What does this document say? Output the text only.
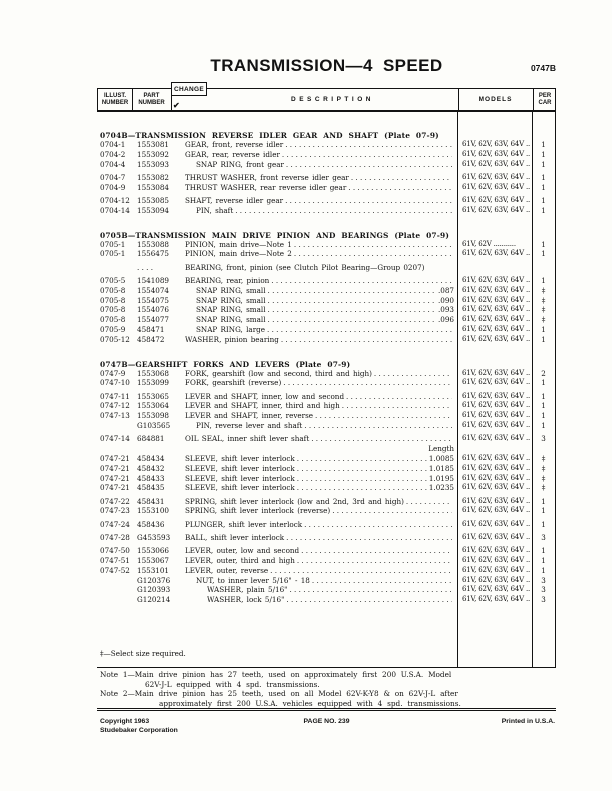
TRANSMISSION—4 SPEED	0747B
ILLUST.
NUMBER
PART
NUMBER	DESCRIPTION	MODELS
PER
CAR
CHANGE
✔
0704B—TRANSMISSION REVERSE IDLER GEAR AND SHAFT (Plate 07-9)
0704-1	1553081	GEAR, front, reverse idler . . .	61V, 62V, 63V, 64V ..	1
0704-2	1553092	GEAR, rear, reverse idler . . .	61V, 62V, 63V, 64V ..	1
0704-4	1553093	SNAP RING, front gear . . .	61V, 62V, 63V, 64V ..	1
0704-7	1553082	THRUST WASHER, front reverse idler gear . . .	61V, 62V, 63V, 64V ..	1
0704-9	1553084	THRUST WASHER, rear reverse idler gear . . .	61V, 62V, 63V, 64V ..	1
0704-12 1553085	SHAFT, reverse idler gear . . .	61V, 62V, 63V, 64V ..	1
0704-14 1553094	PIN, shaft . . .	61V, 62V, 63V, 64V ..	1
0705B—TRANSMISSION MAIN DRIVE PINION AND BEARINGS (Plate 07-9)
0705-1	1553088	PINION, main drive—Note 1 . . .	61V, 62V ...........	1
0705-1	1556475	PINION, main drive—Note 2 . . .	61V, 62V, 63V, 64V ..	1
. . . .	BEARING, front, pinion (see Clutch Pilot Bearing—Group 0207)
0705-5	1541089	BEARING, rear, pinion . . .	61V, 62V, 63V, 64V ..	1
0705-8	1554074	SNAP RING, small . . .	.087	61V, 62V, 63V, 64V ..	‡
0705-8	1554075	SNAP RING, small . . .	.090	61V, 62V, 63V, 64V ..	‡
0705-8	1554076	SNAP RING, small . . .	.093	61V, 62V, 63V, 64V ..	‡
0705-8	1554077	SNAP RING, small . . .	.096	61V, 62V, 63V, 64V ..	‡
0705-9	458471	SNAP RING, large . . .	61V, 62V, 63V, 64V ..	1
0705-12 458472	WASHER, pinion bearing . . .	61V, 62V, 63V, 64V ..	1
0747B—GEARSHIFT FORKS AND LEVERS (Plate 07-9)
0747-9	1553068	FORK, gearshift (low and second, third and high) . . .	61V, 62V, 63V, 64V ..	2
0747-10 1553099	FORK, gearshift (reverse) . . .	61V, 62V, 63V, 64V ..	1
0747-11 1553065	LEVER and SHAFT, inner, low and second . . .	61V, 62V, 63V, 64V ..	1
0747-12 1553064	LEVER and SHAFT, inner, third and high . . .	61V, 62V, 63V, 64V ..	1
0747-13 1553098	LEVER and SHAFT, inner, reverse . . .	61V, 62V, 63V, 64V ..	1
G103565	PIN, reverse lever and shaft . . .	61V, 62V, 63V, 64V ..	1
0747-14 684881	OIL SEAL, inner shift lever shaft . . .	61V, 62V, 63V, 64V ..	3
Length
0747-21 458434	SLEEVE, shift lever interlock . . .	1.0085	61V, 62V, 63V, 64V ..	‡
0747-21 458432	SLEEVE, shift lever interlock . . .	1.0185	61V, 62V, 63V, 64V ..	‡
0747-21 458433	SLEEVE, shift lever interlock . . .	1.0195	61V, 62V, 63V, 64V ..	‡
0747-21 458435	SLEEVE, shift lever interlock . . .	1.0235	61V, 62V, 63V, 64V ..	‡
0747-22 458431	SPRING, shift lever interlock (low and 2nd, 3rd and high) . . .	61V, 62V, 63V, 64V ..	1
0747-23 1553100	SPRING, shift lever interlock (reverse) . . .	61V, 62V, 63V, 64V ..	1
0747-24 458436	PLUNGER, shift lever interlock . . .	61V, 62V, 63V, 64V ..	1
0747-28 G453593	BALL, shift lever interlock . . .	61V, 62V, 63V, 64V ..	3
0747-50 1553066	LEVER, outer, low and second . . .	61V, 62V, 63V, 64V ..	1
0747-51 1553067	LEVER, outer, third and high . . .	61V, 62V, 63V, 64V ..	1
0747-52 1553101	LEVER, outer, reverse . . .	61V, 62V, 63V, 64V ..	1
G120376	NUT, to inner lever 5/16" - 18 . . .	61V, 62V, 63V, 64V ..	3
G120393	WASHER, plain 5/16" . . .	61V, 62V, 63V, 64V ..	3
G120214	WASHER, lock 5/16" . . .	61V, 62V, 63V, 64V ..	3
‡—Select size required.
Note 1—Main drive pinion has 27 teeth, used on approximately first 200 U.S.A. Model
62V-J-L equipped with 4 spd. transmissions.
Note 2—Main drive pinion has 25 teeth, used on all Model 62V-K-Y8 & on 62V-J-L after
approximately first 200 U.S.A. vehicles equipped with 4 spd. transmissions.
Copyright 1963
Studebaker Corporation
PAGE NO. 239	Printed in U.S.A.
